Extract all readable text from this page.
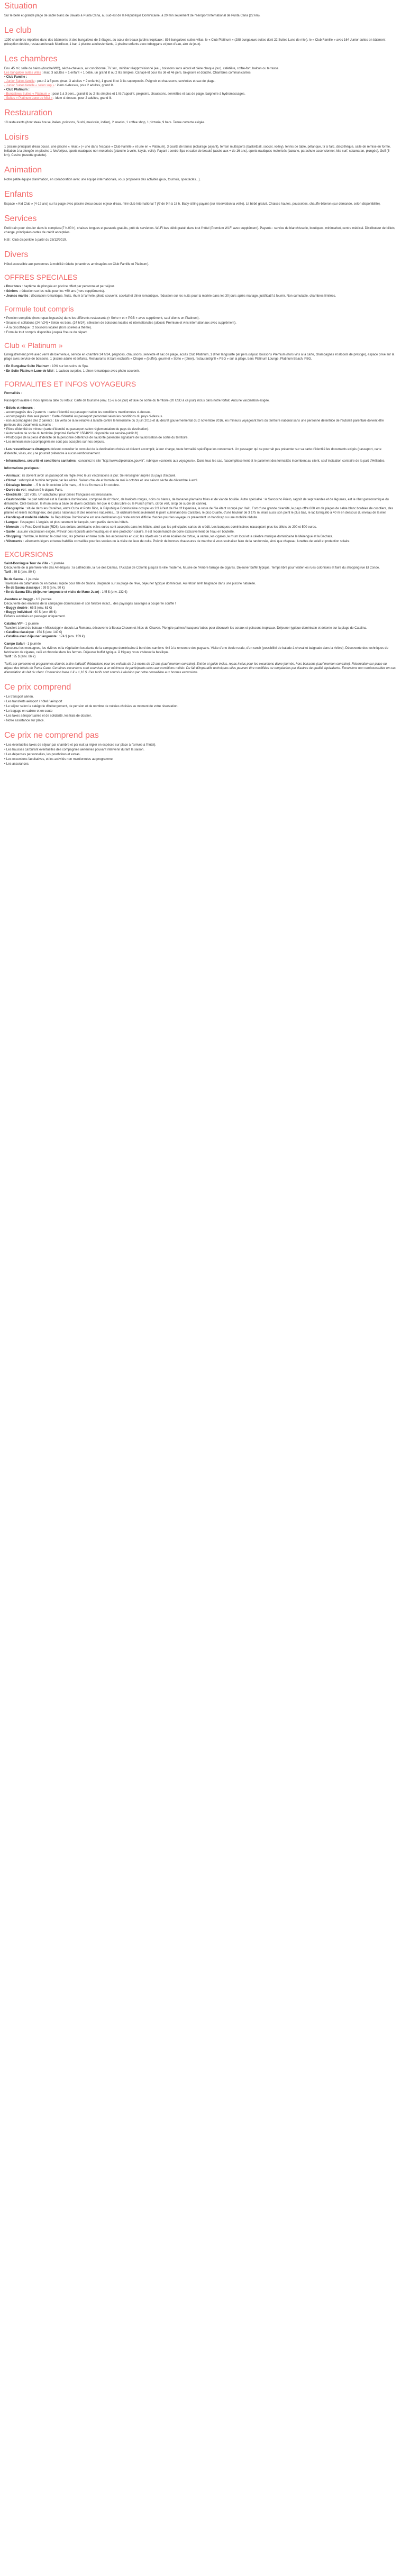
Situation

Sur le belle et grande plage de sable blanc de Bavaro à Punta Cana, au sud-est de la République Dominicaine, à 20 min seulement de l'aéroport International de Punta Cana (22 km).

Le club

1290 chambres réparties dans des bâtiments et des bungalows de 3 étages, au cœur de beaux jardins tropicaux : 836 bungalows suites villas, le « Club Platinum » (288 bungalows suites dont 22 Suites Lune de miel), le « Club Famille » avec 164 Junior suites en bâtiment (réception dédiée, restaurant/snack Mordisco, 1 bar, 1 piscine adultes/enfants, 1 piscine enfants avec toboggans et jeux d'eau, aire de jeux).

Les chambres

Env. 45 m², salle de bains (douche/WC), sèche-cheveux, air conditionné, TV sat., minibar réapprovisionné (eau, boissons sans alcool et bière chaque jour), cafetière, coffre-fort, balcon ou terrasse.
Les bungalow suites villas : max. 3 adultes + 1 enfant + 1 bébé, un grand lit ou 2 lits simples. Canapé-lit pour les 3è et 4è pers. beignoire et douche. Chambres communicantes
• Club Famille :
- Junior Suites famille : pour 2 à 5 pers. (max. 3 adultes + 2 enfants), 1 grand lit et 3 lits superposés. Peignoir et chaussons, serviettes et sac de plage.
- Junior Suites famille « salon sup » : idem ci-dessus, pour 2 adultes, grand lit.
• Club Platinum :
- Bungalows Suites « Platinum » : pour 1 à 3 pers., grand lit ou 2 lits simples et 1 lit d'appoint, peignoirs, chaussons, serviettes et sac de plage, baignoire à hydromassages.
- Suites « Platinum Lune de Miel » : idem ci-dessus, pour 2 adultes, grand lit.

Restauration

10 restaurants (dont steak house, italien, poissons, Sushi, mexicain, indien), 2 snacks, 1 coffee shop, 1 pizzeria, 9 bars. Tenue correcte exigée.

Loisirs

1 piscine principale d'eau douce, une piscine « relax » (+ une dans l'espace « Club Famille » et une en « Platinum), 3 courts de tennis (éclairage payant), terrain multisports (basketball, soccer, volley), tennis de table, pétanque, tir à l'arc, discothèque, salle de remise en forme, initiation à la plongée en piscine 1 fois/séjour, sports nautiques non motorisés (planche à voile, kayak, voile). Payant : centre Spa et salon de beauté (accès aux + de 16 ans), sports nautiques motorisés (banane, parachute ascensionnel, kite surf, catamaran, plongée), Golf (5 km), Casino (navette gratuite).

Animation

Notre petite équipe d'animation, en collaboration avec une équipe internationale, vous proposera des activités (jeux, tournois, spectacles...).

Enfants

Espace « Kid Club » (4-12 ans) sur la plage avec piscine d'eau douce et jeux d'eau, mini-club International 7 j/7 de 9 h à 18 h. Baby-sitting payant (sur réservation la veille). Lit bébé gratuit. Chaises hautes, poussettes, chauffe-biberon (sur demande, selon disponibilité).

Services

Petit train pour circuler dans le complexe(7 h-00 h), chaises longues et parasols gratuits, prêt de serviettes. Wi-Fi bas débit gratuit dans tout l'hôtel (Premium Wi-Fi avec supplément). Payants : service de blanchisserie, boutiques, minimarket, centre médical. Distributeur de billets, change, principales cartes de crédit acceptées.

N.B : Club disponible à partir du 28/12/2019.

Divers

Hôtel accessible aux personnes à mobilité réduite (chambres aménagées en Club Famille et Platinum).

OFFRES SPECIALES
• Pour tous : baptême de plongée en piscine offert par personne et par séjour.
• Séniors : réduction sur les nuits pour les +60 ans (hors suppléments).
• Jeunes mariés : décoration romantique, fruits, rhum à l'arrivée, photo souvenir, cocktail et dîner romantique, réduction sur les nuits pour la mariée dans les 30 jours après mariage, justificatif à fournir. Non cumulable, chambres limitées.
Formule tout compris
• Pension complète (hors repas logeasés) dans les différents restaurants (« Soho » et « PGB » avec supplément, sauf clients en Platinum).
• Snacks et collations (24 h/24) • Selon les bars, (24 h/24), sélection de boissons locales et internationales (alcools Premium et vins internationaux avec supplément).
• À la discothèque : 2 boissons locales (hors soirées à thème).
• Formule tout compris disponible jusqu'à l'heure du départ.
Club « Platinum »

Enregistrement privé avec verre de bienvenue, service en chambre 24 h/24, peignoirs, chaussons, serviette et sac de plage, accès Club Platinum, 1 dîner langouste par pers./séjour, boissons Premium (hors vins à la carte, champagnes et alcools de prestige), espace privé sur la plage avec service de boissons, 1 piscine adulte et enfants. Restaurants et bars exclusifs « Chopin » (buffet), gourmet « Soho » (dîner), restaurant/grill « PBG » sur la plage, bars Platinum Lounge, Platinum Beach, PBG.

• En Bungalow Suite Platinum : 10% sur les soins du Spa.
• En Suite Platinum Lune de Miel : 1 cadeau surprise, 1 dîner romantique avec photo souvenir.
FORMALITES ET INFOS VOYAGEURS

Formalités :

Passeport valable 6 mois après la date du retour. Carte de tourisme (env. 15 € à ce jour) et taxe de sortie du territoire (20 USD à ce jour) inclus dans notre forfait. Aucune vaccination exigée.

• Bébés et mineurs :
- accompagnés des 2 parents : carte d'identité ou passeport selon les conditions mentionnées ci-dessus.
- accompagnés d'un seul parent : Carte d'identité ou passeport personnel selon les conditions du pays ci-dessus.
- non accompagnés des 2 parents : En vertu de la loi relative à la lutte contre le terrorisme du 3 juin 2016 et du décret gouvernemental du 2 novembre 2016, les mineurs voyageant hors du territoire national sans une personne détentrice de l'autorité parentale doivent être porteurs des documents suivants :
• Pièce d'identité du mineur (carte d'identité ou passeport selon réglementation du pays de destination).
• Autorisation de sortie du territoire (imprimé Cerfa N° 15646*01 disponible sur service-public.fr)
• Photocopie de la pièce d'identité de la personne détentrice de l'autorité parentale signataire de l'autorisation de sortie du territoire.
• Les mineurs non-accompagnés ne sont pas acceptés sur nos séjours.

• Les ressortissants étrangers doivent consulter le consulat de la destination choisie et doivent accomplir, à leur charge, toute formalité spécifique les concernant. Un passager qui ne pourrait pas présenter sur sa carte d'identité les documents exigés (passeport, carte d'identité, visas, etc.) ne pourrait prétendre à aucun remboursement.

• Informations, sécurité et conditions sanitaires : consultez le site "http://www.diplomatie.gouv.fr", rubrique «conseils aux voyageurs». Dans tous les cas, l'accomplissement et le paiement des formalités incombent au client, sauf indication contraire de la part d'Héliades.

Informations pratiques :

• Animaux : ils doivent avoir un passeport en règle avec leurs vaccinations à jour. Se renseigner auprès du pays d'accueil.
• Climat : subtropical humide tempéré par les alizés. Saison chaude et humide de mai à octobre et une saison sèche de décembre à avril.
• Décalage horaire : - 5 h de fin octobre à fin mars, - 6 h de fin mars à fin octobre.
• Durée du vol : environ 9 h depuis Paris.
• Electricité : 110 volts. Un adaptateur pour prises françaises est nécessaire.
• Gastronomie : le plat national est la Bandera dominicana, composé de riz blanc, de haricots rouges, noirs ou blancs, de bananes plantains frites et de viande bouillie. Autre spécialité : le Sancocho Prieto, ragoût de sept viandes et de légumes, est le ribat gastronomique du dimanche. Côté boisson, le rhum sera la base de divers cocktails, tel que le Cuba Libre ou le Punch (rhum, citron vert, sirop de sucre de canne).
• Géographie : située dans les Caraïbes, entre Cuba et Porto Rico, la République Dominicaine occupe les 2/3 à l'est de l'île d'Hispaniola, le reste de l'île étant occupé par Haïti. Fort d'une grande diversité, le pays offre 600 km de plages de sable blanc bordées de cocotiers, des plaines et reliefs montagneux, des parcs nationaux et des réserves naturelles... Si ordinairement seulement le point culminant des Caraïbes, le pico Duarte, d'une hauteur de 3 175 m, mais aussi son point le plus bas, le lac Enriquillo à 40 m en dessous du niveau de la mer.
• Handicap et mobilité réduite : la République Dominicaine est une destination qui reste encore difficile d'accès pour les voyageurs présentant un handicap ou une mobilité réduite.
• Langue : l'espagnol. L'anglais, et plus rarement le français, sont parlés dans les hôtels.
• Monnaie : le Peso Dominicain (RDS). Les dollars américains et les euros sont acceptés dans les hôtels, ainsi que les principales cartes de crédit. Les banques dominicaines n'acceptent plus les billets de 200 et 500 euros.
• Santé : aucune vaccination exigée. Prévoir des répulsifs anti-moustiques et une protection solaire. Il est recommandé de boire exclusivement de l'eau en bouteille.
• Shopping : l'ambre, le larimar, le corail noir, les poteries en terre cuite, les accessoires en cuir, les objets en os et en écailles de tortue, la vanne, les cigares, le rhum local et la célèbre musique dominicaine le Mérengué et la Bachata.
• Vêtements : vêtements légers et tenue habillée conseillée pour les soirées ou la visite de lieux de culte. Prévoir de bonnes chaussures de marche si vous souhaitez faire de la randonnée, ainsi que chapeau, lunettes de soleil et protection solaire.
EXCURSIONS

Saint-Domingue Tour de Ville - 1 journée
Découverte de la première ville des Amériques : la cathédrale, la rue des Damas, l'Alcazar de Colomb jusqu'à la ville moderne, Musée de l'Ambre farrage de cigares. Déjeuner buffet typique. Temps libre pour visiter les rues coloniales et faire du shopping rue El Conde.
Tarif : 89 $ (env. 80 €)

Île de Saona - 1 journée
Traversée en catamaran ou en bateau rapide pour l'île de Saona. Baignade sur sa plage de rêve, déjeuner typique dominicain. Au retour arrêt baignade dans une piscine naturelle.
• Île de Saona classique : 99 $ (env. 90 €)
• Île de Saona Elite (déjeuner langouste et visite de Mano Juan) : 145 $ (env. 132 €)

Aventure en buggy - 1/2 journée
Découverte des environs de la campagne dominicaine et son folklore intact... des paysages sauvages à couper le souffle !
• Buggy double : 65 $ (env. 61 €)
• Buggy individuel : 90 $ (env. 86 €)
Enfants autorisés en passager uniquement.

Catalina VIP - 1 journée
Transfert à bord du bateau « Mississippi » depuis La Romana, découverte à Bouca Chavon et Altos de Chavon. Plongée palmes/masques/ tubas pour découvrir les coraux et poissons tropicaux. Déjeuner typique dominicain et détente sur la plage de Catalina.
• Catalina classique : 154 $ (env. 140 €)
• Catalina avec déjeuner langouste : 174 $ (env. 159 €)

Campo Safari - 1 journée
Parcourez les montagnes, les rivières et la végétation luxuriante de la campagne dominicaine à bord des camions 4x4 à la rencontre des paysans. Visite d'une école rurale, d'un ranch (possibilité de balade à cheval et baignade dans la rivière). Découverte des techniques de fabrication de cigares, café et chocolat dans les fermes. Déjeuner buffet typique. À Higuey, vous visiterez la basilique.
Tarif : 95 $ (env. 86 €)

Tarifs par personne et programmes donnés à titre indicatif. Réductions pour les enfants de 2 à moins de 12 ans (sauf mention contraire). Entrée et guide inclus, repas inclus pour les excursions d'une journée, hors boissons (sauf mention contraire). Réservation sur place ou départ des hôtels de Punta Cana. Certaines excursions sont soumises à un minimum de participants et/ou aux conditions météo. Du fait d'impératifs techniques elles peuvent être modifiées ou remplacées par d'autres de qualité équivalente. Excursions non remboursables en cas d'annulation du fait du client. Conversion base 1 € = 1,10 $. Ces tarifs sont soumis à révision par notre conseillère aux bonnes excursions.

Ce prix comprend
• Le transport aérien.
• Les transferts aéroport / hôtel / aéroport
• Le séjour selon la catégorie d'hébergement, de pension et de nombre de nuitées choisies au moment de votre réservation.
• Le bagage en cabine et en soute
• Les taxes aéroportuaires et de solidarité, les frais de dossier.
• Notre assistance sur place.
Ce prix ne comprend pas
• Les éventuelles taxes de séjour par chambre et par nuit (à régler en espèces sur place à l'arrivée à l'hôtel).
• Les hausses carburant éventuelles des compagnies aériennes pouvant intervenir durant la saison.
• Les dépenses personnelles, les pourboires et extras.
• Les excursions facultatives, et les activités non mentionnées au programme.
• Les assurances.
